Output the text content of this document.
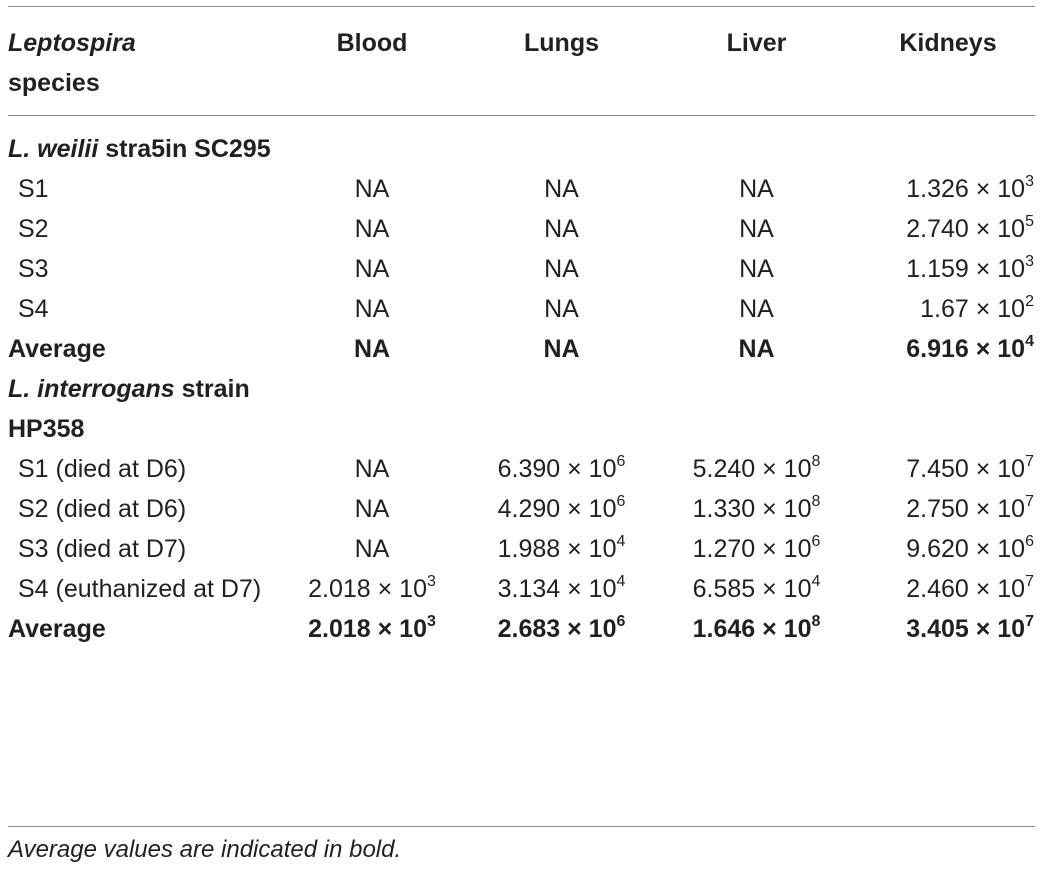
Leptospira
species	Blood	Lungs	Liver	Kidneys

L. weilii stra5in SC295				
S1	NA	NA	NA	$1.326 \times 10^3$
S2	NA	NA	NA	$2.740 \times 10^5$
S3	NA	NA	NA	$1.159 \times 10^3$
S4	NA	NA	NA	$1.67 \times 10^2$
Average	NA	NA	NA	$6.916 \times 10^4$
L. interrogans strain HP358				
S1 (died at D6)	NA	$6.390 \times 10^6$	$5.240 \times 10^8$	$7.450 \times 10^7$
S2 (died at D6)	NA	$4.290 \times 10^6$	$1.330 \times 10^8$	$2.750 \times 10^7$
S3 (died at D7)	NA	$1.988 \times 10^4$	$1.270 \times 10^6$	$9.620 \times 10^6$
S4 (euthanized at D7)	$2.018 \times 10^3$	$3.134 \times 10^4$	$6.585 \times 10^4$	$2.460 \times 10^7$
Average	$2.018 \times 10^3$	$2.683 \times 10^6$	$1.646 \times 10^8$	$3.405 \times 10^7$
Average values are indicated in bold.
